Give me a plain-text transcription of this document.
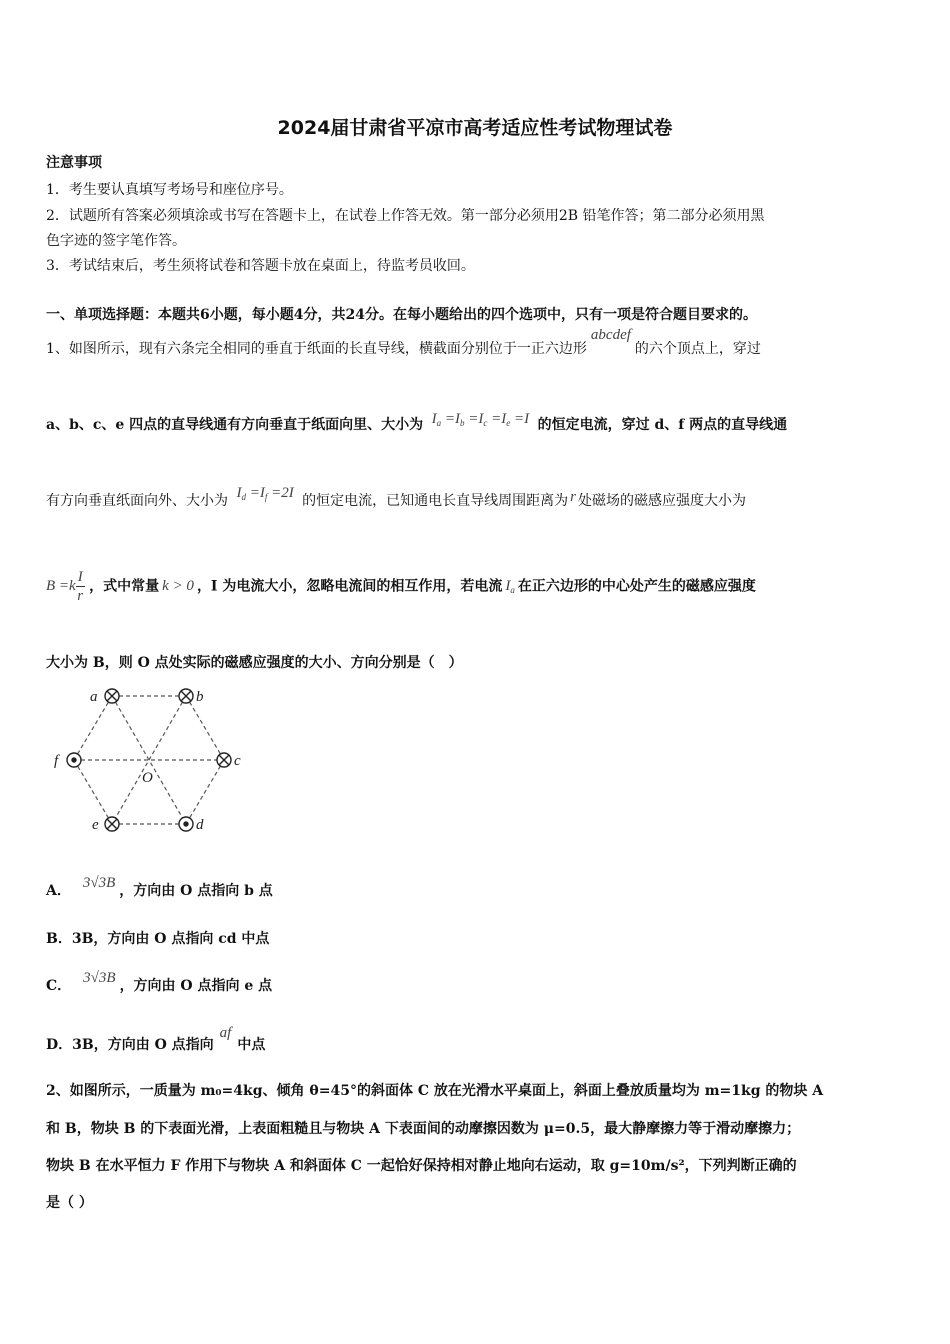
2024届甘肃省平凉市高考适应性考试物理试卷
注意事项
1．考生要认真填写考场号和座位序号。
2．试题所有答案必须填涂或书写在答题卡上，在试卷上作答无效。第一部分必须用2B 铅笔作答；第二部分必须用黑
色字迹的签字笔作答。
3．考试结束后，考生须将试卷和答题卡放在桌面上，待监考员收回。
一、单项选择题：本题共6小题，每小题4分，共24分。在每小题给出的四个选项中，只有一项是符合题目要求的。
1、如图所示，现有六条完全相同的垂直于纸面的长直导线，横截面分别位于一正六边形abcdef的六个顶点上，穿过
a、b、c、e 四点的直导线通有方向垂直于纸面向里、大小为 $I_a =I_b =I_c =I_e =I$ 的恒定电流，穿过 d、f 两点的直导线通
有方向垂直纸面向外、大小为 $I_d =I_f =2I$ 的恒定电流，已知通电长直导线周围距离为 r 处磁场的磁感应强度大小为
$B =k \frac{I}{r}$ ，式中常量 k > 0 ，I 为电流大小，忽略电流间的相互作用，若电流 $I_a$ 在正六边形的中心处产生的磁感应强度
大小为 B，则 O 点处实际的磁感应强度的大小、方向分别是（　）
a	b
c
d
e
f
O
A． 3√3B ，方向由 O 点指向 b 点
B．3B，方向由 O 点指向 cd 中点
C． 3√3B ，方向由 O 点指向 e 点
D．3B，方向由 O 点指向af中点
2、如图所示，一质量为 m₀=4kg、倾角 θ=45°的斜面体 C 放在光滑水平桌面上，斜面上叠放质量均为 m=1kg 的物块 A
和 B，物块 B 的下表面光滑，上表面粗糙且与物块 A 下表面间的动摩擦因数为 μ=0.5，最大静摩擦力等于滑动摩擦力；
物块 B 在水平恒力 F 作用下与物块 A 和斜面体 C 一起恰好保持相对静止地向右运动，取 g=10m/s²，下列判断正确的
是（ ）
